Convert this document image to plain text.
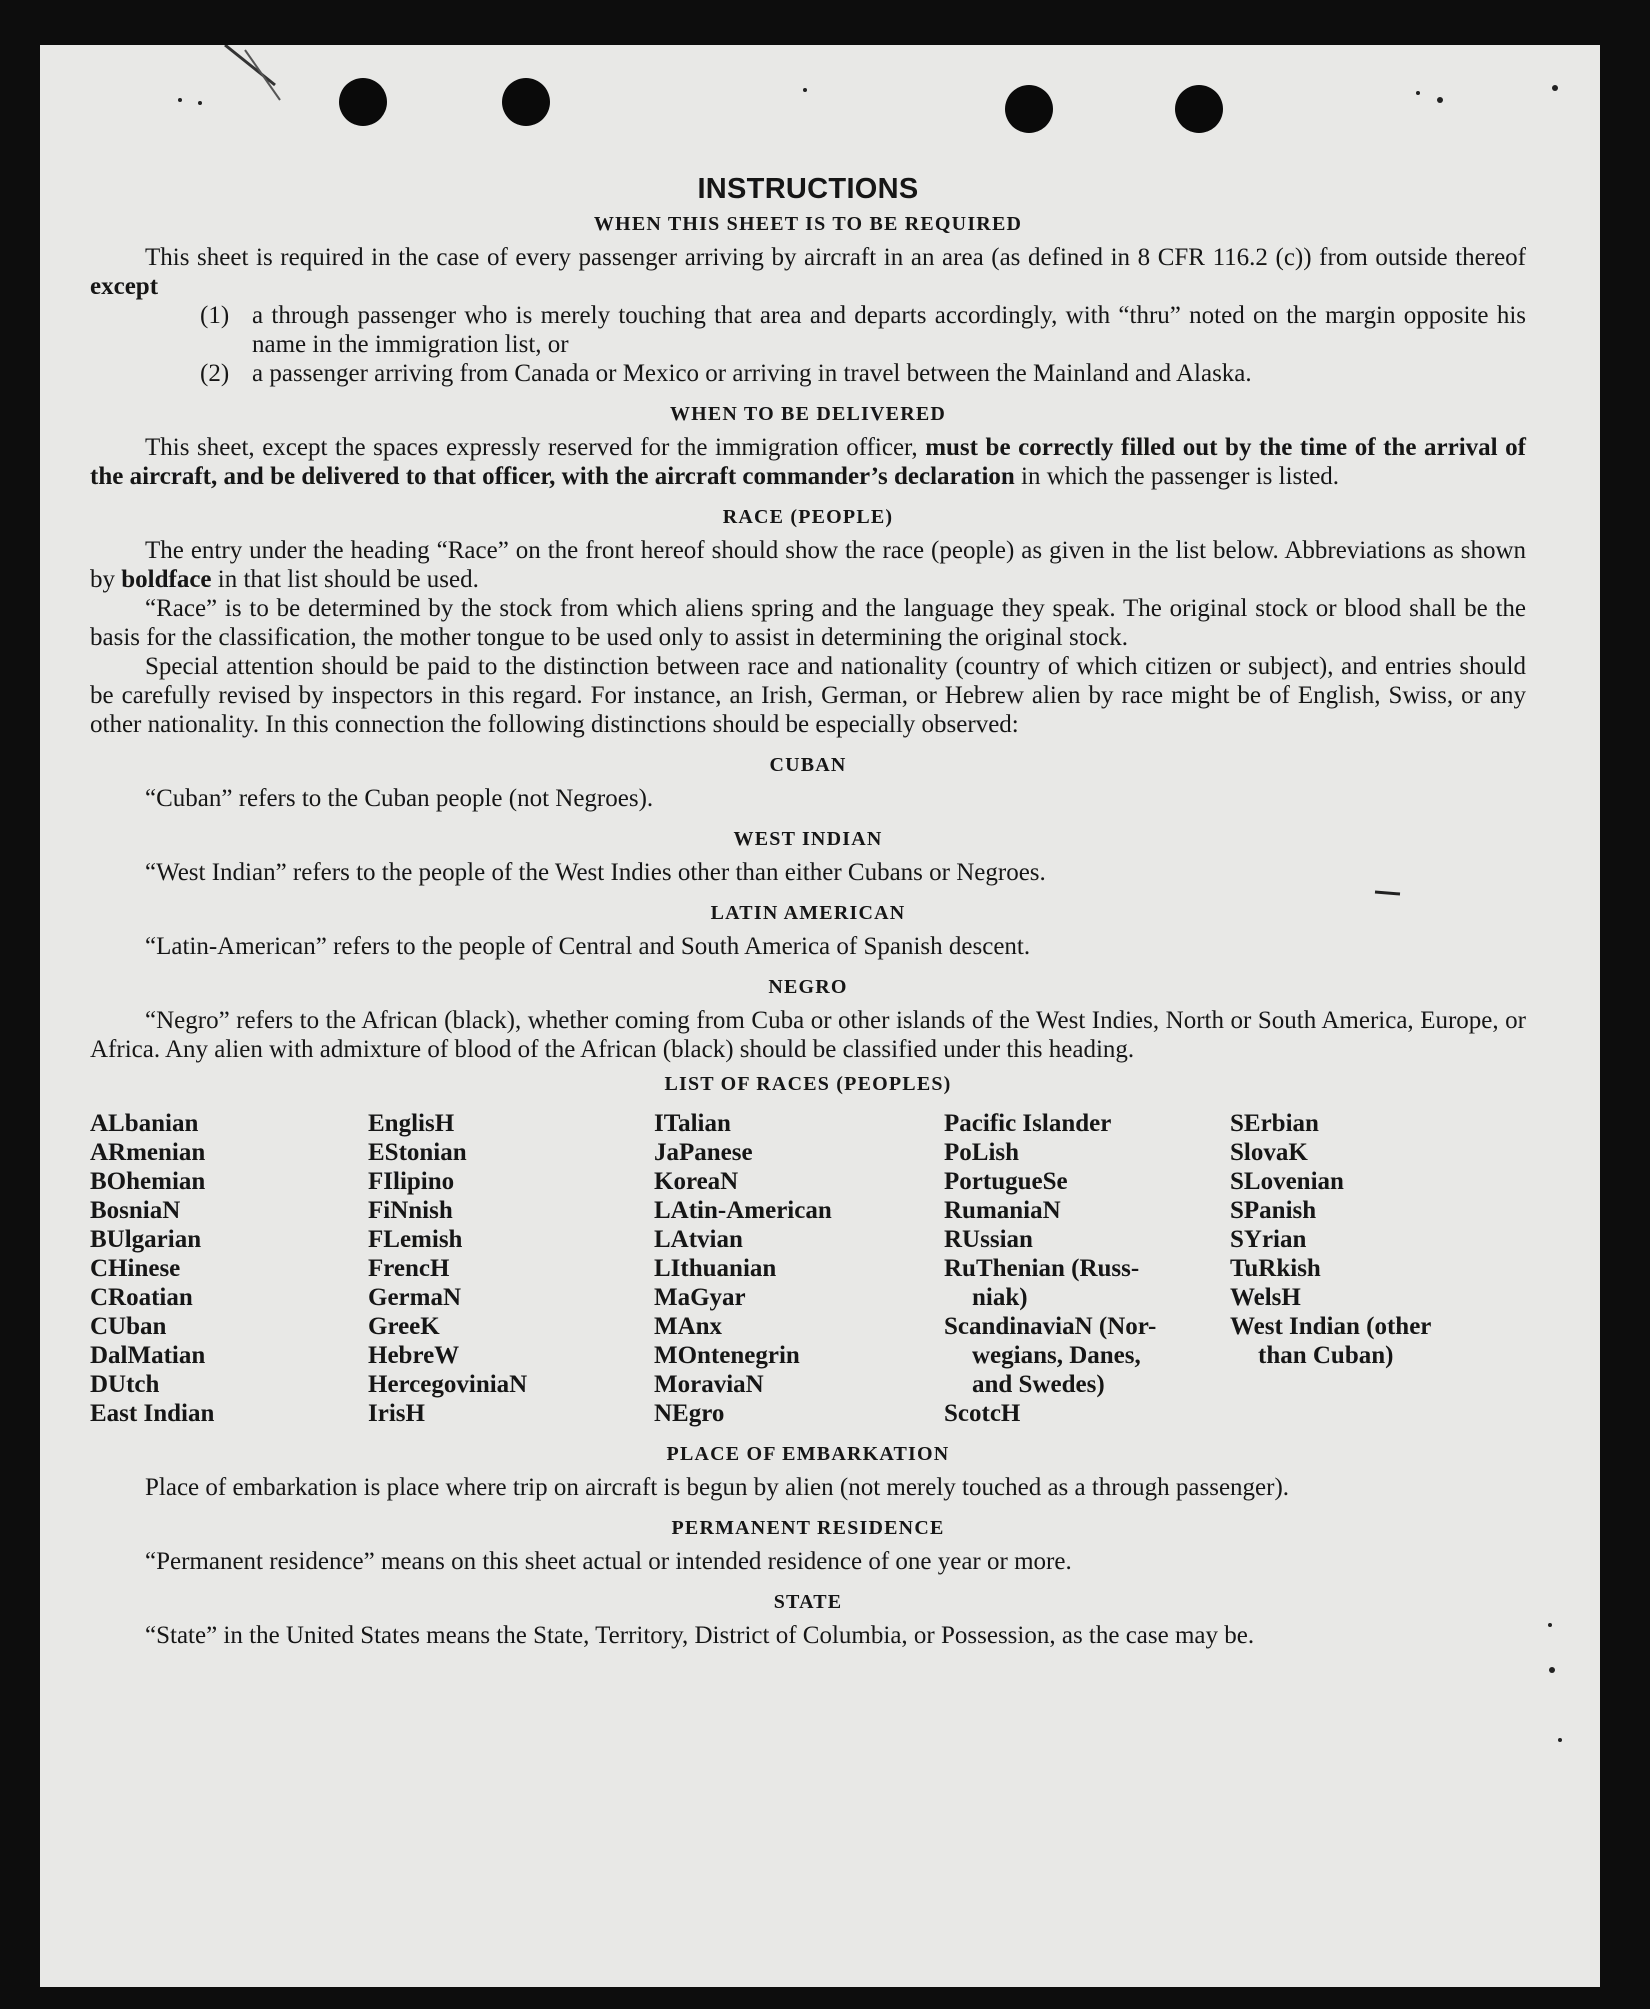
INSTRUCTIONS
WHEN THIS SHEET IS TO BE REQUIRED

This sheet is required in the case of every passenger arriving by aircraft in an area (as defined in 8 CFR 116.2 (c)) from outside thereof except

(1) a through passenger who is merely touching that area and departs accordingly, with “thru” noted on the margin opposite his name in the immigration list, or
(2) a passenger arriving from Canada or Mexico or arriving in travel between the Mainland and Alaska.
WHEN TO BE DELIVERED

This sheet, except the spaces expressly reserved for the immigration officer, must be correctly filled out by the time of the arrival of the aircraft, and be delivered to that officer, with the aircraft commander’s declaration in which the passenger is listed.

RACE (PEOPLE)

The entry under the heading “Race” on the front hereof should show the race (people) as given in the list below. Abbreviations as shown by boldface in that list should be used.

“Race” is to be determined by the stock from which aliens spring and the language they speak. The original stock or blood shall be the basis for the classification, the mother tongue to be used only to assist in determining the original stock.

Special attention should be paid to the distinction between race and nationality (country of which citizen or subject), and entries should be carefully revised by inspectors in this regard. For instance, an Irish, German, or Hebrew alien by race might be of English, Swiss, or any other nationality. In this connection the following distinctions should be especially observed:

CUBAN

“Cuban” refers to the Cuban people (not Negroes).

WEST INDIAN

“West Indian” refers to the people of the West Indies other than either Cubans or Negroes.

LATIN AMERICAN

“Latin-American” refers to the people of Central and South America of Spanish descent.

NEGRO

“Negro” refers to the African (black), whether coming from Cuba or other islands of the West Indies, North or South America, Europe, or Africa. Any alien with admixture of blood of the African (black) should be classified under this heading.

LIST OF RACES (PEOPLES)
ALbanian
ARmenian
BOhemian
BosniaN
BUlgarian
CHinese
CRoatian
CUban
DalMatian
DUtch
East Indian
EnglisH
EStonian
FIlipino
FiNnish
FLemish
FrencH
GermaN
GreeK
HebreW
HercegoviniaN
IrisH
ITalian
JaPanese
KoreaN
LAtin-American
LAtvian
LIthuanian
MaGyar
MAnx
MOntenegrin
MoraviaN
NEgro
Pacific Islander
PoLish
PortugueSe
RumaniaN
RUssian
RuThenian (Russ-
niak)
ScandinaviaN (Nor-
wegians, Danes,
and Swedes)
ScotcH
SErbian
SlovaK
SLovenian
SPanish
SYrian
TuRkish
WelsH
West Indian (other
than Cuban)
PLACE OF EMBARKATION

Place of embarkation is place where trip on aircraft is begun by alien (not merely touched as a through passenger).

PERMANENT RESIDENCE

“Permanent residence” means on this sheet actual or intended residence of one year or more.

STATE

“State” in the United States means the State, Territory, District of Columbia, or Possession, as the case may be.
